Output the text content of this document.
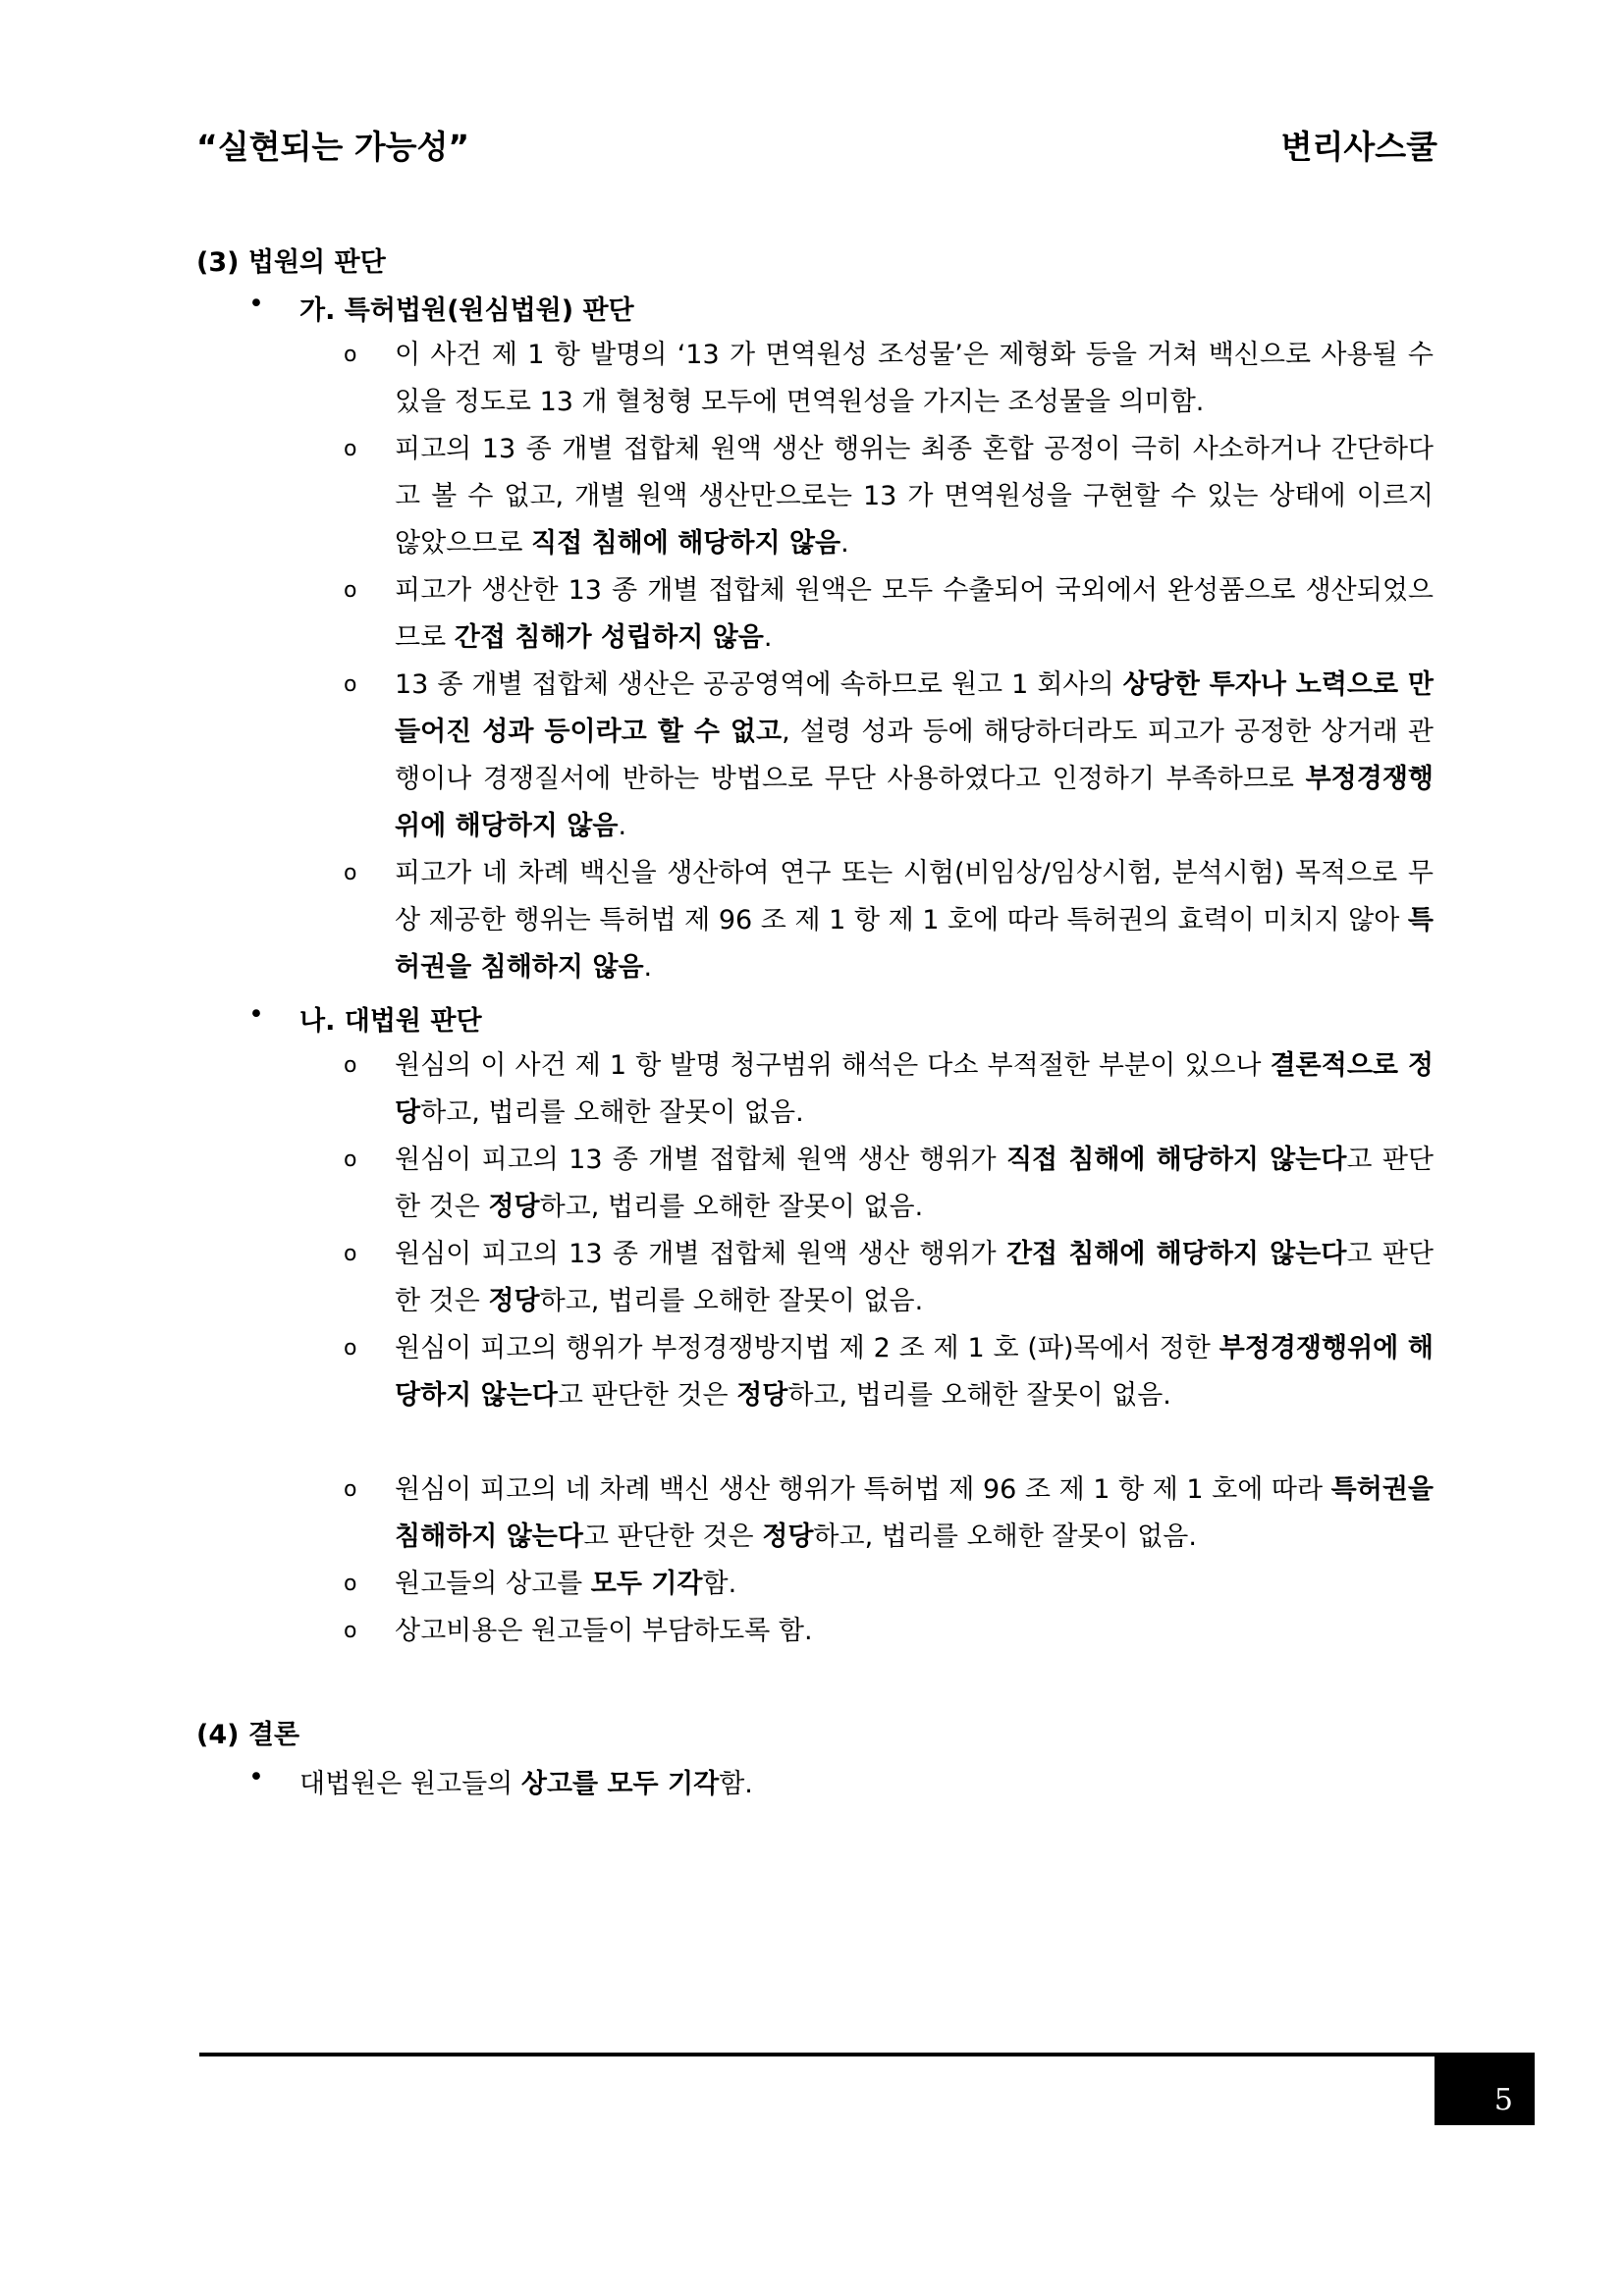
“실현되는 가능성”	변리사스쿨
(3) 법원의 판단
•	가. 특허법원(원심법원) 판단
o 이 사건 제 1 항 발명의 ‘13 가 면역원성 조성물’은 제형화 등을 거쳐 백신으로 사용될 수 있을 정도로 13 개 혈청형 모두에 면역원성을 가지는 조성물을 의미함.
o 피고의 13 종 개별 접합체 원액 생산 행위는 최종 혼합 공정이 극히 사소하거나 간단하다고 볼 수 없고, 개별 원액 생산만으로는 13 가 면역원성을 구현할 수 있는 상태에 이르지 않았으므로 직접 침해에 해당하지 않음.
o 피고가 생산한 13 종 개별 접합체 원액은 모두 수출되어 국외에서 완성품으로 생산되었으므로 간접 침해가 성립하지 않음.
o 13 종 개별 접합체 생산은 공공영역에 속하므로 원고 1 회사의 상당한 투자나 노력으로 만들어진 성과 등이라고 할 수 없고, 설령 성과 등에 해당하더라도 피고가 공정한 상거래 관행이나 경쟁질서에 반하는 방법으로 무단 사용하였다고 인정하기 부족하므로 부정경쟁행위에 해당하지 않음.
o 피고가 네 차례 백신을 생산하여 연구 또는 시험(비임상/임상시험, 분석시험) 목적으로 무상 제공한 행위는 특허법 제 96 조 제 1 항 제 1 호에 따라 특허권의 효력이 미치지 않아 특허권을 침해하지 않음.
•	나. 대법원 판단
o 원심의 이 사건 제 1 항 발명 청구범위 해석은 다소 부적절한 부분이 있으나 결론적으로 정당하고, 법리를 오해한 잘못이 없음.
o 원심이 피고의 13 종 개별 접합체 원액 생산 행위가 직접 침해에 해당하지 않는다고 판단한 것은 정당하고, 법리를 오해한 잘못이 없음.
o 원심이 피고의 13 종 개별 접합체 원액 생산 행위가 간접 침해에 해당하지 않는다고 판단한 것은 정당하고, 법리를 오해한 잘못이 없음.
o 원심이 피고의 행위가 부정경쟁방지법 제 2 조 제 1 호 (파)목에서 정한 부정경쟁행위에 해당하지 않는다고 판단한 것은 정당하고, 법리를 오해한 잘못이 없음.
o 원심이 피고의 네 차례 백신 생산 행위가 특허법 제 96 조 제 1 항 제 1 호에 따라 특허권을 침해하지 않는다고 판단한 것은 정당하고, 법리를 오해한 잘못이 없음.
o 원고들의 상고를 모두 기각함.
o 상고비용은 원고들이 부담하도록 함.
(4) 결론
•	대법원은 원고들의 상고를 모두 기각함.
5
